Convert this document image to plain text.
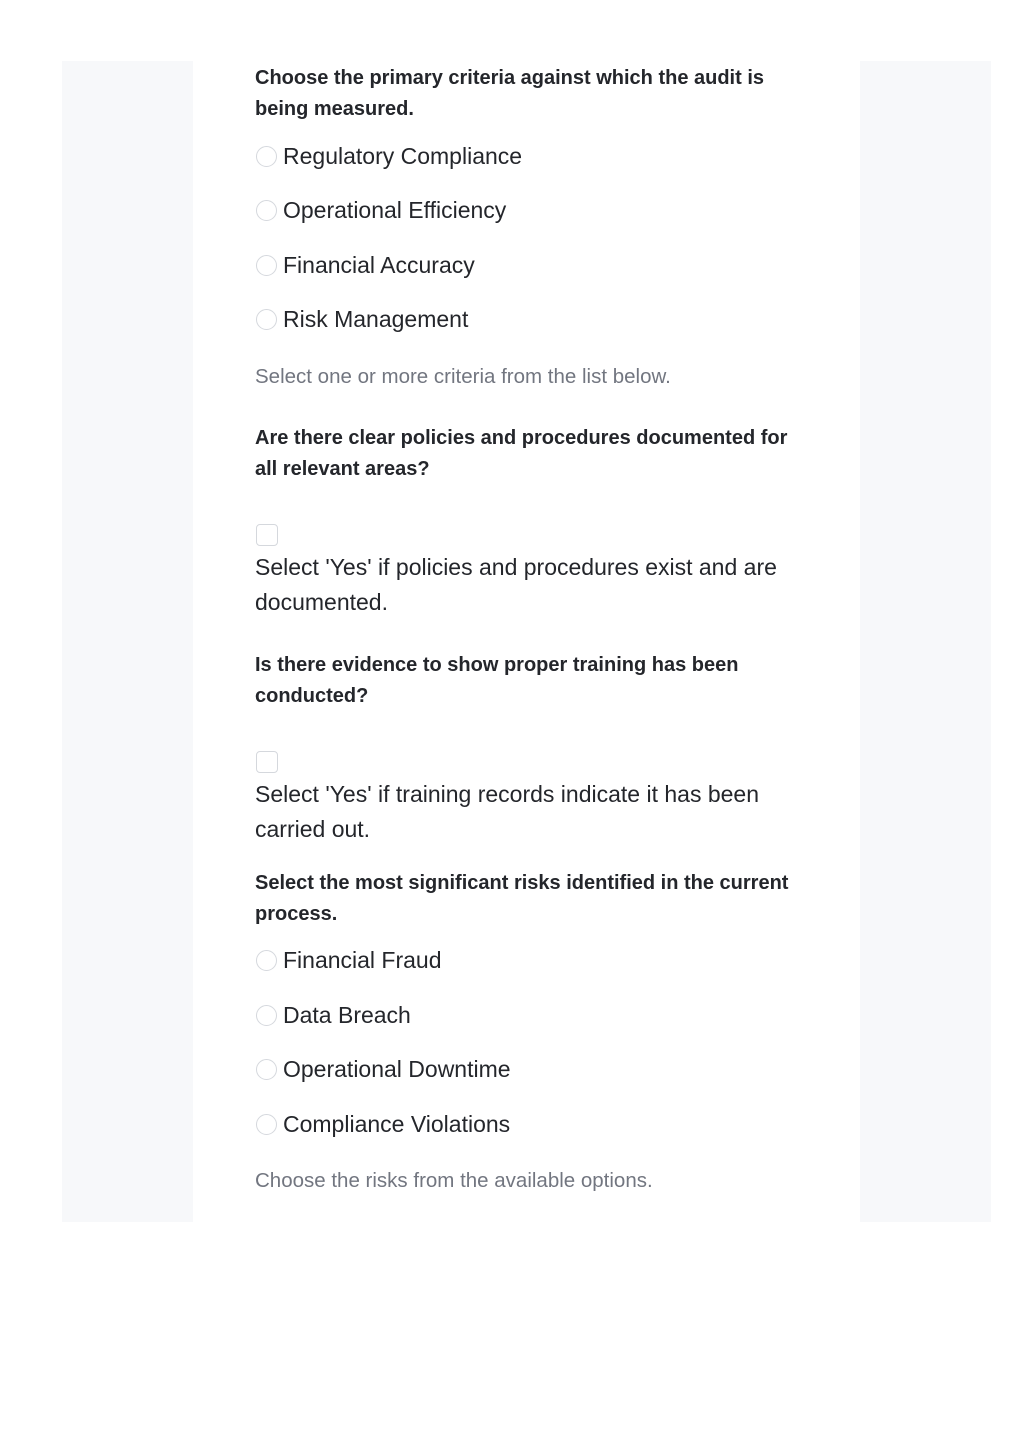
Choose the primary criteria against which the audit is being measured.

Regulatory Compliance
Operational Efficiency
Financial Accuracy
Risk Management
Select one or more criteria from the list below.

Are there clear policies and procedures documented for all relevant areas?

Select 'Yes' if policies and procedures exist and are documented.

Is there evidence to show proper training has been conducted?

Select 'Yes' if training records indicate it has been carried out.

Select the most significant risks identified in the current process.

Financial Fraud
Data Breach
Operational Downtime
Compliance Violations
Choose the risks from the available options.
